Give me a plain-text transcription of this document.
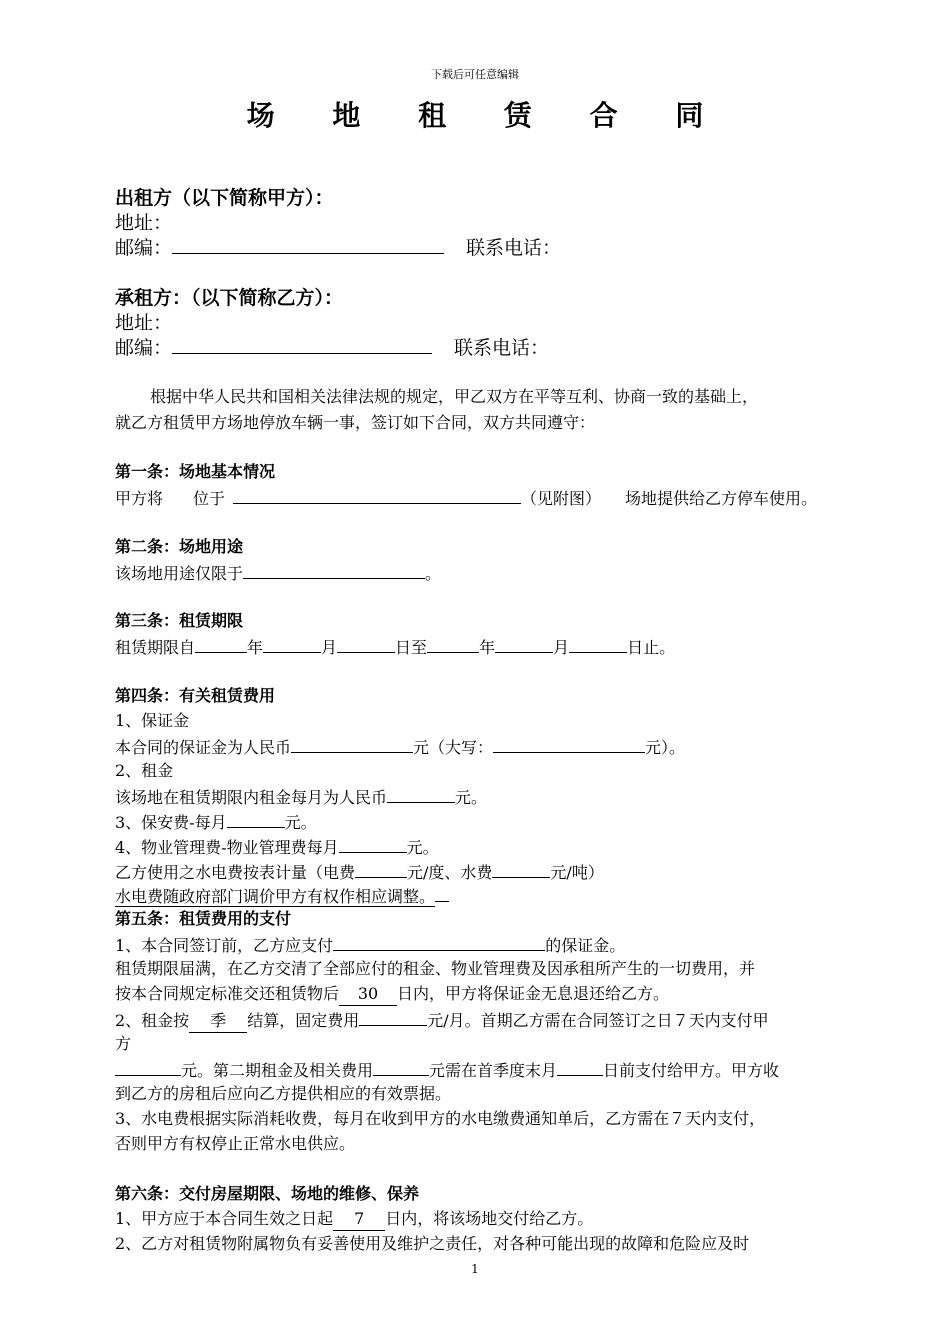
下载后可任意编辑
场 地 租 赁 合 同
出租方（以下简称甲方）：
地址：
邮编：	联系电话：
承租方：（以下简称乙方）：
地址：
邮编：	联系电话：
根据中华人民共和国相关法律法规的规定，甲乙双方在平等互利、协商一致的基础上，
就乙方租赁甲方场地停放车辆一事，签订如下合同，双方共同遵守：
第一条：场地基本情况
甲方将 位于	（见附图） 场地提供给乙方停车使用。
第二条：场地用途
该场地用途仅限于	。
第三条：租赁期限
租赁期限自	年	月	日至	年	月	日止。
第四条：有关租赁费用
1、保证金
本合同的保证金为人民币	元（大写：	元）。
2、租金
该场地在租赁期限内租金每月为人民币	元。
3、保安费-每月	元。
4、物业管理费-物业管理费每月	元。
乙方使用之水电费按表计量（电费	元/度、水费	元/吨）
水电费随政府部门调价甲方有权作相应调整。
第五条：租赁费用的支付
1、本合同签订前，乙方应支付	的保证金。
租赁期限届满，在乙方交清了全部应付的租金、物业管理费及因承租所产生的一切费用，并
按本合同规定标准交还租赁物后 30 日内，甲方将保证金无息退还给乙方。
2、租金按 季 结算，固定费用	元/月。首期乙方需在合同签订之日７天内支付甲
方
元。第二期租金及相关费用	元需在首季度末月	日前支付给甲方。甲方收
到乙方的房租后应向乙方提供相应的有效票据。
3、水电费根据实际消耗收费，每月在收到甲方的水电缴费通知单后，乙方需在７天内支付，
否则甲方有权停止正常水电供应。
第六条：交付房屋期限、场地的维修、保养
1、甲方应于本合同生效之日起 7 日内，将该场地交付给乙方。
2、乙方对租赁物附属物负有妥善使用及维护之责任，对各种可能出现的故障和危险应及时
1
